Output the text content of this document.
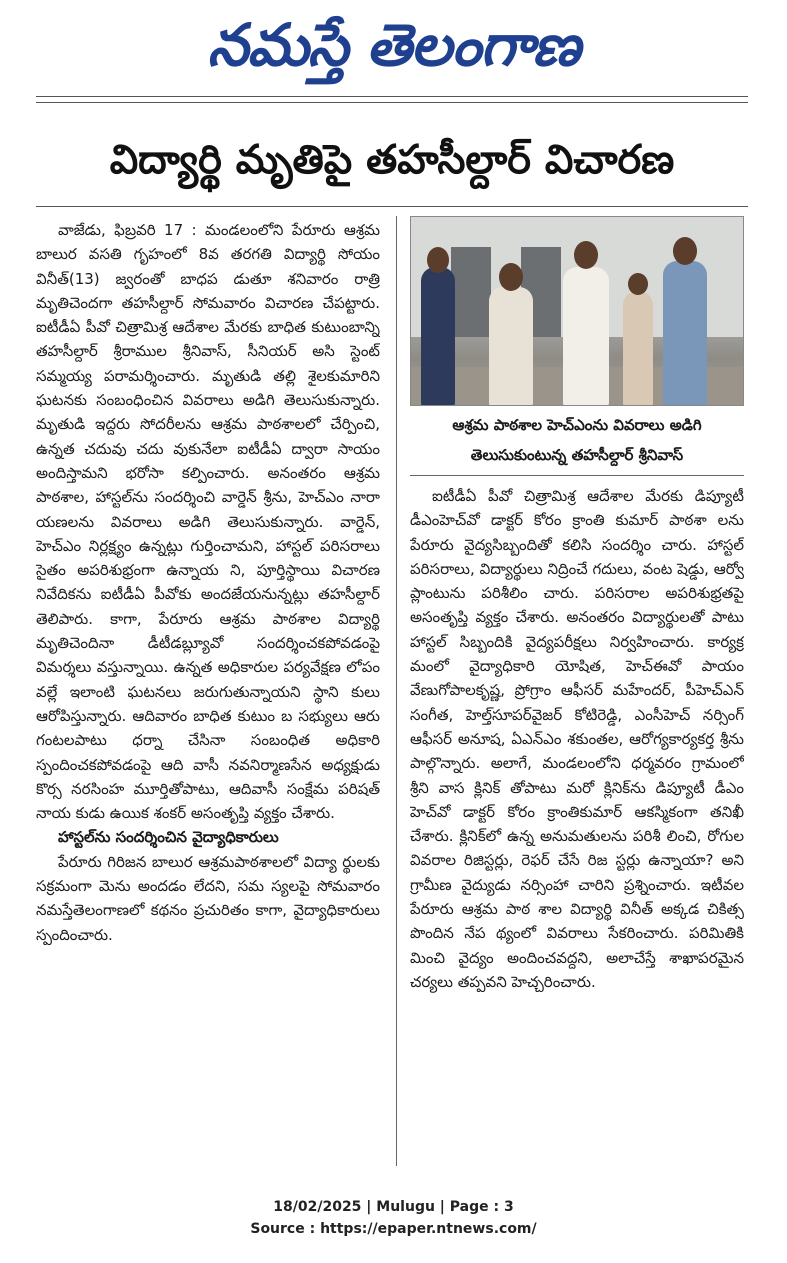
నమస్తే తెలంగాణ
విద్యార్థి మృతిపై తహసీల్దార్ విచారణ

వాజేడు, ఫిబ్రవరి 17 : మండలంలోని పేరూరు ఆశ్రమ బాలుర వసతి గృహంలో 8వ తరగతి విద్యార్థి సోయం వినీత్(13) జ్వరంతో బాధప డుతూ శనివారం రాత్రి మృతిచెందగా తహసీల్దార్ సోమవారం విచారణ చేపట్టారు. ఐటీడీఏ పీవో చిత్రామిశ్ర ఆదేశాల మేరకు బాధిత కుటుంబాన్ని తహసీల్దార్ శ్రీరాముల శ్రీనివాస్, సీనియర్ అసి స్టెంట్ సమ్మయ్య పరామర్శించారు. మృతుడి తల్లి శైలకుమారిని ఘటనకు సంబంధించిన వివరాలు అడిగి తెలుసుకున్నారు. మృతుడి ఇద్దరు సోదరీలను ఆశ్రమ పాఠశాలలో చేర్పించి, ఉన్నత చదువు చదు వుకునేలా ఐటీడీఏ ద్వారా సాయం అందిస్తామని భరోసా కల్పించారు. అనంతరం ఆశ్రమ పాఠశాల, హాస్టల్‌ను సందర్శించి వార్డెన్ శ్రీను, హెచ్ఎం నారా యణలను వివరాలు అడిగి తెలుసుకున్నారు. వార్డెన్, హెచ్ఎం నిర్లక్ష్యం ఉన్నట్లు గుర్తించామని, హాస్టల్ పరిసరాలు సైతం అపరిశుభ్రంగా ఉన్నాయ ని, పూర్తిస్థాయి విచారణ నివేదికను ఐటీడీఏ పీవోకు అందజేయనున్నట్లు తహసీల్దార్ తెలిపారు. కాగా, పేరూరు ఆశ్రమ పాఠశాల విద్యార్థి మృతిచెందినా డీటీడబ్ల్యూవో సందర్శించకపోవడంపై విమర్శలు వస్తున్నాయి. ఉన్నత అధికారుల పర్యవేక్షణ లోపం వల్లే ఇలాంటి ఘటనలు జరుగుతున్నాయని స్థాని కులు ఆరోపిస్తున్నారు. ఆదివారం బాధిత కుటుం బ సభ్యులు ఆరు గంటలపాటు ధర్నా చేసినా సంబంధిత అధికారి స్పందించకపోవడంపై ఆది వాసీ నవనిర్మాణసేన అధ్యక్షుడు కొర్స నరసింహ మూర్తితోపాటు, ఆదివాసీ సంక్షేమ పరిషత్ నాయ కుడు ఉయిక శంకర్ అసంతృప్తి వ్యక్తం చేశారు.

హాస్టల్‌ను సందర్శించిన వైద్యాధికారులు

పేరూరు గిరిజన బాలుర ఆశ్రమపాఠశాలలో విద్యా ర్థులకు సక్రమంగా మెను అందడం లేదని, సమ స్యలపై సోమవారం నమస్తేతెలంగాణలో కథనం ప్రచురితం కాగా, వైద్యాధికారులు స్పందించారు.

ఆశ్రమ పాఠశాల హెచ్ఎంను వివరాలు అడిగి
తెలుసుకుంటున్న తహసీల్దార్ శ్రీనివాస్

ఐటీడీఏ పీవో చిత్రామిశ్ర ఆదేశాల మేరకు డిప్యూటీ డీఎంహెచ్‌వో డాక్టర్ కోరం క్రాంతి కుమార్ పాఠశా లను పేరూరు వైద్యసిబ్బందితో కలిసి సందర్శిం చారు. హాస్టల్ పరిసరాలు, విద్యార్థులు నిద్రించే గదులు, వంట షెడ్డు, ఆర్వో ప్లాంటును పరిశీలిం చారు. పరిసరాల అపరిశుభ్రతపై అసంతృప్తి వ్యక్తం చేశారు. అనంతరం విద్యార్థులతో పాటు హాస్టల్ సిబ్బందికి వైద్యపరీక్షలు నిర్వహించారు. కార్యక్ర మంలో వైద్యాధికారి యోషిత, హెచ్ఈవో పాయం వేణుగోపాలకృష్ణ, ప్రోగ్రాం ఆఫీసర్ మహేందర్, పీహెచ్ఎన్ సంగీత, హెల్త్‌సూపర్‌వైజర్ కోటిరెడ్డి, ఎంసీహెచ్ నర్సింగ్ ఆఫీసర్ అనూష, ఏఎన్ఎం శకుంతల, ఆరోగ్యకార్యకర్త శ్రీను పాల్గొన్నారు. అలాగే, మండలంలోని ధర్మవరం గ్రామంలో శ్రీని వాస క్లినిక్ తోపాటు మరో క్లినిక్‌ను డిప్యూటీ డీఎం హెచ్‌వో డాక్టర్ కోరం క్రాంతికుమార్ ఆకస్మికంగా తనిఖీ చేశారు. క్లినిక్‌లో ఉన్న అనుమతులను పరిశీ లించి, రోగుల వివరాల రిజిస్టర్లు, రెఫర్ చేసే రిజ స్టర్లు ఉన్నాయా? అని గ్రామీణ వైద్యుడు నర్సింహా చారిని ప్రశ్నించారు. ఇటీవల పేరూరు ఆశ్రమ పాఠ శాల విద్యార్థి వినీత్ అక్కడ చికిత్స పొందిన నేప థ్యంలో వివరాలు సేకరించారు. పరిమితికి మించి వైద్యం అందించవద్దని, అలాచేస్తే శాఖాపరమైన చర్యలు తప్పవని హెచ్చరించారు.

18/02/2025 | Mulugu | Page : 3
Source : https://epaper.ntnews.com/
